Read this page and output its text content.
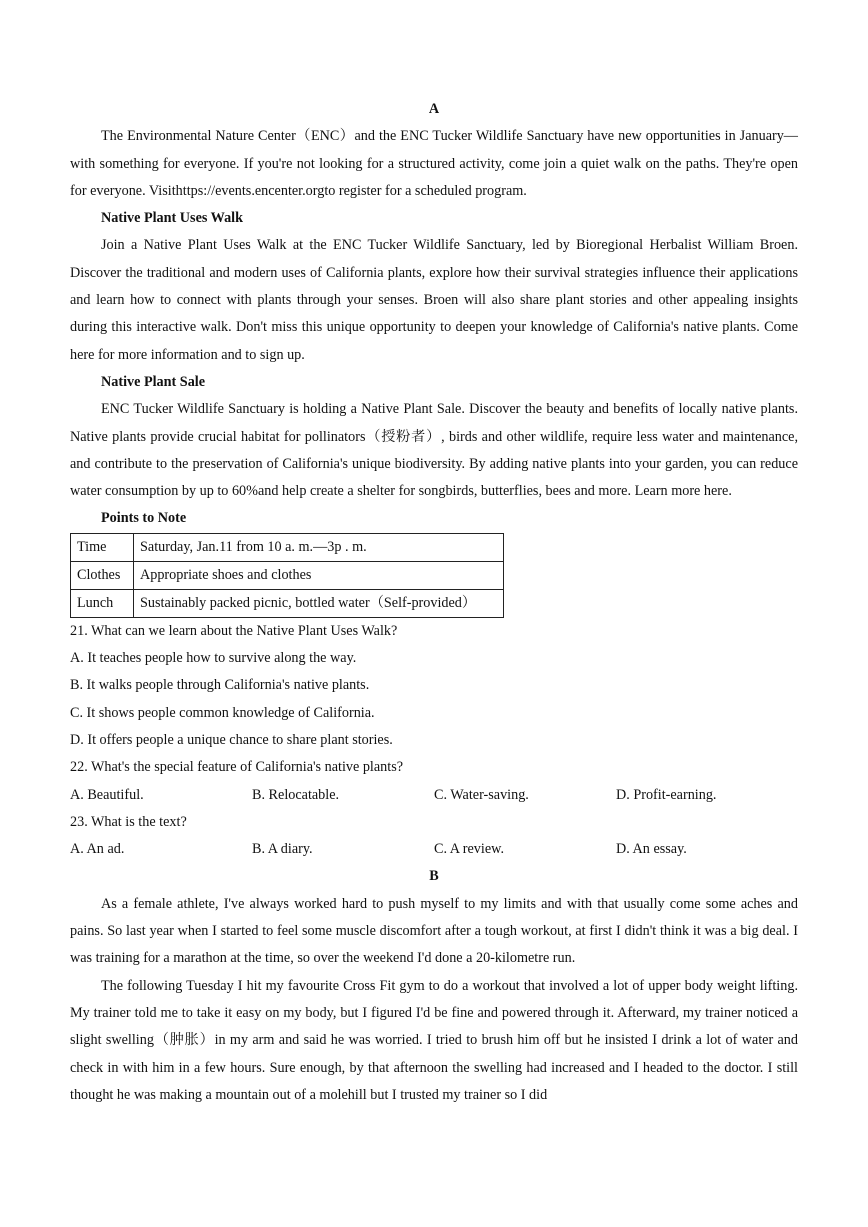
A

The Environmental Nature Center（ENC）and the ENC Tucker Wildlife Sanctuary have new opportunities in January—with something for everyone. If you're not looking for a structured activity, come join a quiet walk on the paths. They're open for everyone. Visithttps://events.encenter.orgto register for a scheduled program.

Native Plant Uses Walk

Join a Native Plant Uses Walk at the ENC Tucker Wildlife Sanctuary, led by Bioregional Herbalist William Broen. Discover the traditional and modern uses of California plants, explore how their survival strategies influence their applications and learn how to connect with plants through your senses. Broen will also share plant stories and other appealing insights during this interactive walk. Don't miss this unique opportunity to deepen your knowledge of California's native plants. Come here for more information and to sign up.

Native Plant Sale

ENC Tucker Wildlife Sanctuary is holding a Native Plant Sale. Discover the beauty and benefits of locally native plants. Native plants provide crucial habitat for pollinators（授粉者）, birds and other wildlife, require less water and maintenance, and contribute to the preservation of California's unique biodiversity. By adding native plants into your garden, you can reduce water consumption by up to 60%and help create a shelter for songbirds, butterflies, bees and more. Learn more here.

Points to Note
Time	Saturday, Jan.11 from 10 a. m.—3p . m.
Clothes	Appropriate shoes and clothes
Lunch	Sustainably packed picnic, bottled water（Self-provided）
21. What can we learn about the Native Plant Uses Walk?
A. It teaches people how to survive along the way.
B. It walks people through California's native plants.
C. It shows people common knowledge of California.
D. It offers people a unique chance to share plant stories.
22. What's the special feature of California's native plants?
A. Beautiful.	B. Relocatable.	C. Water-saving.	D. Profit-earning.
23. What is the text?
A. An ad.	B. A diary.	C. A review.	D. An essay.
B

As a female athlete, I've always worked hard to push myself to my limits and with that usually come some aches and pains. So last year when I started to feel some muscle discomfort after a tough workout, at first I didn't think it was a big deal. I was training for a marathon at the time, so over the weekend I'd done a 20-kilometre run.

The following Tuesday I hit my favourite Cross Fit gym to do a workout that involved a lot of upper body weight lifting. My trainer told me to take it easy on my body, but I figured I'd be fine and powered through it. Afterward, my trainer noticed a slight swelling（肿胀）in my arm and said he was worried. I tried to brush him off but he insisted I drink a lot of water and check in with him in a few hours. Sure enough, by that afternoon the swelling had increased and I headed to the doctor. I still thought he was making a mountain out of a molehill but I trusted my trainer so I did
